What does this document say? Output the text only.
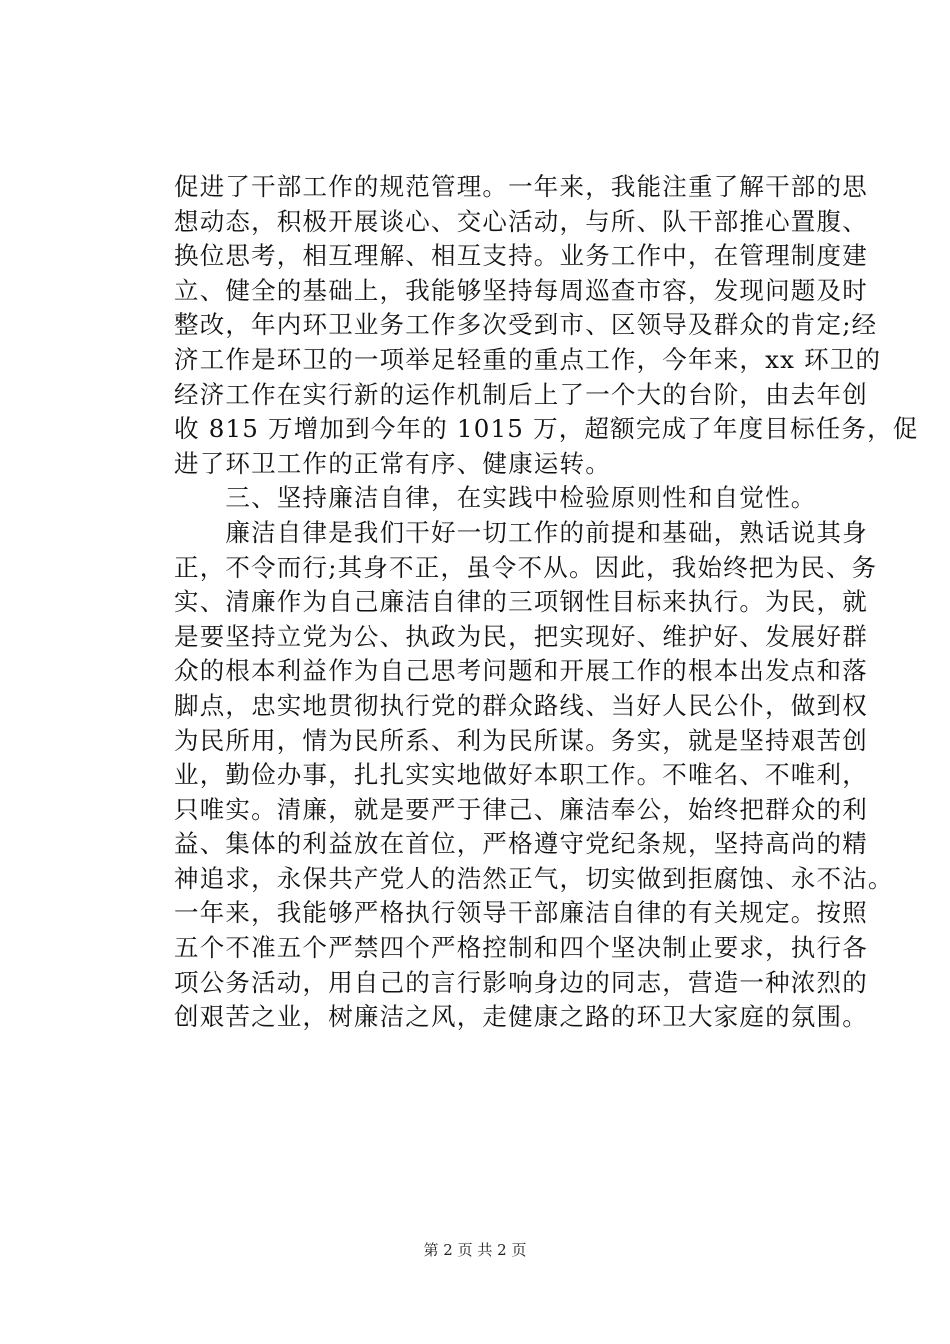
促进了干部工作的规范管理。一年来，我能注重了解干部的思
想动态，积极开展谈心、交心活动，与所、队干部推心置腹、
换位思考，相互理解、相互支持。业务工作中，在管理制度建
立、健全的基础上，我能够坚持每周巡查市容，发现问题及时
整改，年内环卫业务工作多次受到市、区领导及群众的肯定;经
济工作是环卫的一项举足轻重的重点工作，今年来，xx 环卫的
经济工作在实行新的运作机制后上了一个大的台阶，由去年创
收 815 万增加到今年的 1015 万，超额完成了年度目标任务，促
进了环卫工作的正常有序、健康运转。
　　三、坚持廉洁自律，在实践中检验原则性和自觉性。
　　廉洁自律是我们干好一切工作的前提和基础，熟话说其身
正，不令而行;其身不正，虽令不从。因此，我始终把为民、务
实、清廉作为自己廉洁自律的三项钢性目标来执行。为民，就
是要坚持立党为公、执政为民，把实现好、维护好、发展好群
众的根本利益作为自己思考问题和开展工作的根本出发点和落
脚点，忠实地贯彻执行党的群众路线、当好人民公仆，做到权
为民所用，情为民所系、利为民所谋。务实，就是坚持艰苦创
业，勤俭办事，扎扎实实地做好本职工作。不唯名、不唯利，
只唯实。清廉，就是要严于律己、廉洁奉公，始终把群众的利
益、集体的利益放在首位，严格遵守党纪条规，坚持高尚的精
神追求，永保共产党人的浩然正气，切实做到拒腐蚀、永不沾。
一年来，我能够严格执行领导干部廉洁自律的有关规定。按照
五个不准五个严禁四个严格控制和四个坚决制止要求，执行各
项公务活动，用自己的言行影响身边的同志，营造一种浓烈的
创艰苦之业，树廉洁之风，走健康之路的环卫大家庭的氛围。
第 2 页 共 2 页
